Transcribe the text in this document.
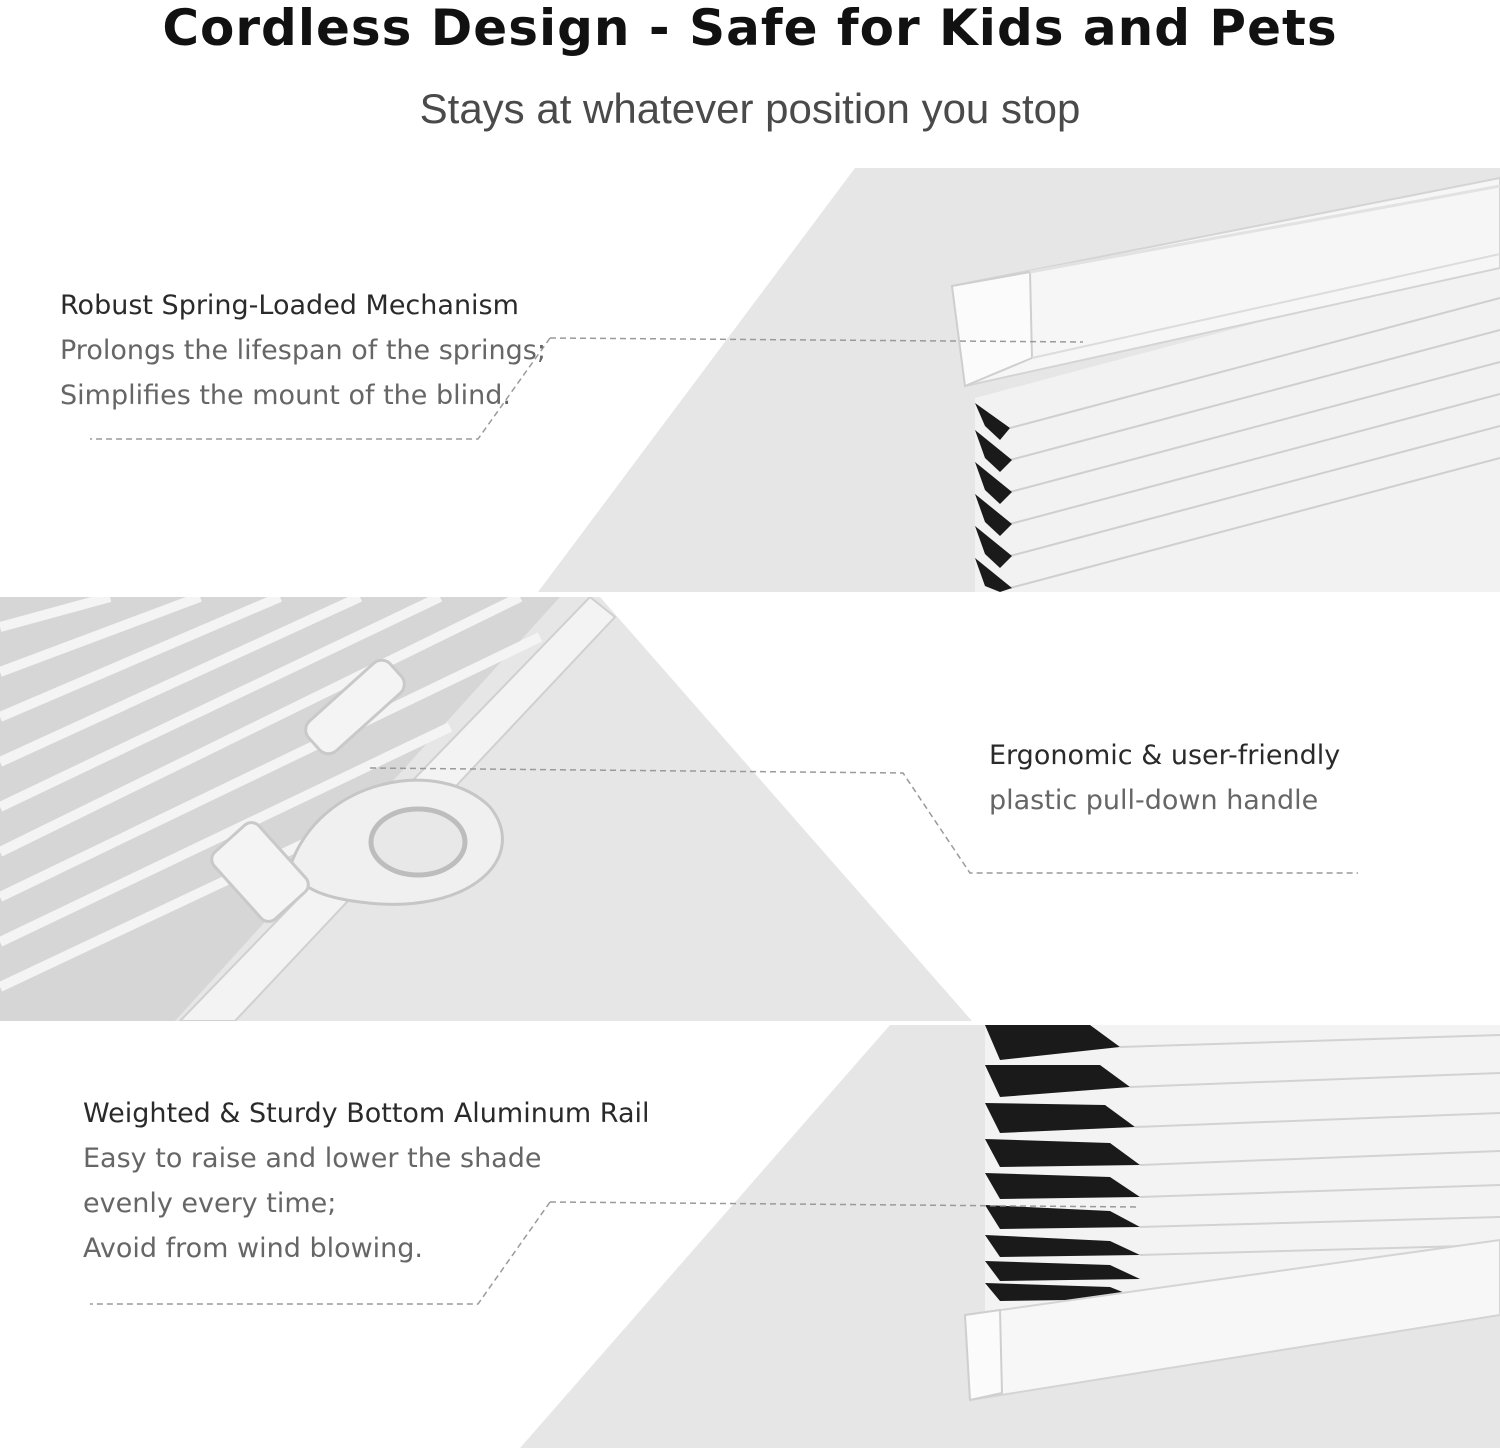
Cordless Design - Safe for Kids and Pets
Stays at whatever position you stop
Robust Spring-Loaded Mechanism
Prolongs the lifespan of the springs;
Simplifies the mount of the blind.
Ergonomic & user-friendly
plastic pull-down handle
Weighted & Sturdy Bottom Aluminum Rail
Easy to raise and lower the shade
evenly every time;
Avoid from wind blowing.
